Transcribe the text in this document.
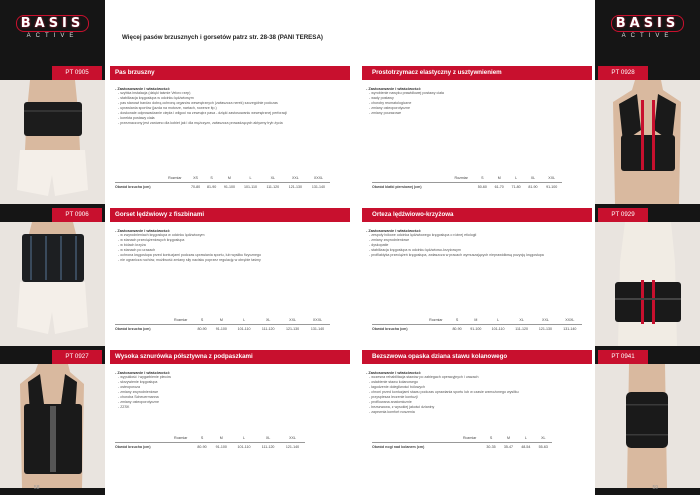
BASIS
ACTIVE	Więcej pasów brzusznych i gorsetów patrz str. 28-38 (PANI TERESA)
Pas brzuszny
PT 0905
- Zastosowanie i właściwości:
- szybka instalacja (dzięki taśmie Velcro rzep)
- stabilizacja kręgosłupa w odcinku lędźwiowym
- pas stanowi bardzo dobrą ochronę organów wewnętrznych (zwłaszcza nerek) szczególnie podczas
- uprawiania sportów (jazda na motorze, nartach, rowerze itp.)
- doskonale odprowadzanie ciepła i wilgoci na zewnątrz pasa - dzięki zastosowaniu wewnętrznej perforacji
- korekta postawy ciała
- przeznaczony jest zarówno dla kobiet jak i dla mężczyzn, zwłaszcza prowadzących aktywny tryb życia
Rozmiar	XS	S	M	L	XL	XXL	XXXL
Obwód brzucha (cm)	70-80	81-90	91-100	101-110	111-120	121-130	131-140
Gorset lędźwiowy z fiszbinami
PT 0906
- Zastosowanie i właściwości:
- w zwyrodnieniach kręgosłupa w odcinku lędźwiowym
- w stanach przeciążeniowych kręgosłupa
- w bólach krzyża
- w stanach po urazach
- ochrona kręgosłupa przed kontuzjami podczas uprawiania sportu, lub wysiłku fizycznego
- nie ogranicza ruchów, możliwość zmiany siły nacisku poprzez regulację w obrębie taśmy
Rozmiar	S	M	L	XL	XXL	XXXL
Obwód brzucha (cm)	80-90	91-100	101-110	111-120	121-130	131-140
Wysoka sznurówka półsztywna z podpaszkami
PT 0927
- Zastosowanie i właściwości:
- wypukłość i wygarbienie pleców
- skrzywienie kręgosłupa
- osteoporoza
- zmiany zwyrodnieniowe
- choroba Scheuermanna
- zmiany osteoporotyczne
- ZZSK
Rozmiar	S	M	L	XL	XXL
Obwód brzucha (cm)	80-90	91-100	101-110	111-120	121-140
58
BASIS
ACTIVE
Prostotrzymacz elastyczny z usztywnieniem	PT 0928
- Zastosowanie i właściwości:
- wyrobienie nawyku prawidłowej postawy ciała
- wady postawy
- choroby reumatologiczne
- zmiany osteoporotyczne
- zmiany pourazowe
Rozmiar	S	M	L	XL	XXL
Obwód klatki piersiowej (cm)	50-60	61-70	71-80	81-90	91-100
Orteza lędźwiowo-krzyżowa	PT 0929
- Zastosowanie i właściwości:
- zespoły bólowe odcinka lędźwiowego kręgosłupa o różnej etiologii
- zmiany zwyrodnieniowe
- dyskopatie
- stabilizacja kręgosłupa w odcinku lędźwiowo-krzyżowym
- profilaktyka przeciążeń kręgosłupa, zwłaszcza w pracach wymuszających nieprawidłową pozycję kręgosłupa
Rozmiar	S	M	L	XL	XXL	XXXL
Obwód brzucha (cm)	80-90	91-100	101-110	111-120	121-130	131-140
Bezszwowa opaska dziana stawu kolanowego	PT 0941
- Zastosowanie i właściwości:
- wczesna rehabilitacja stawów po zabiegach operacyjnych i urazach
- osłabienie stawu kolanowego
- łagodzenie dolegliwości bólowych
- chroni przed kontuzjami stawu podczas uprawiania sportu lub w czasie wzmożonego wysiłku
- przyspiesza leczenie kontuzji
- profilowana anatomicznie
- bezszwowa, z wysokiej jakości dzianiny
- zapewnia komfort noszenia
Rozmiar	S	M	L	XL
Obwód nogi nad kolanem (cm)	30-35	35-47	48-54	55-63
59
